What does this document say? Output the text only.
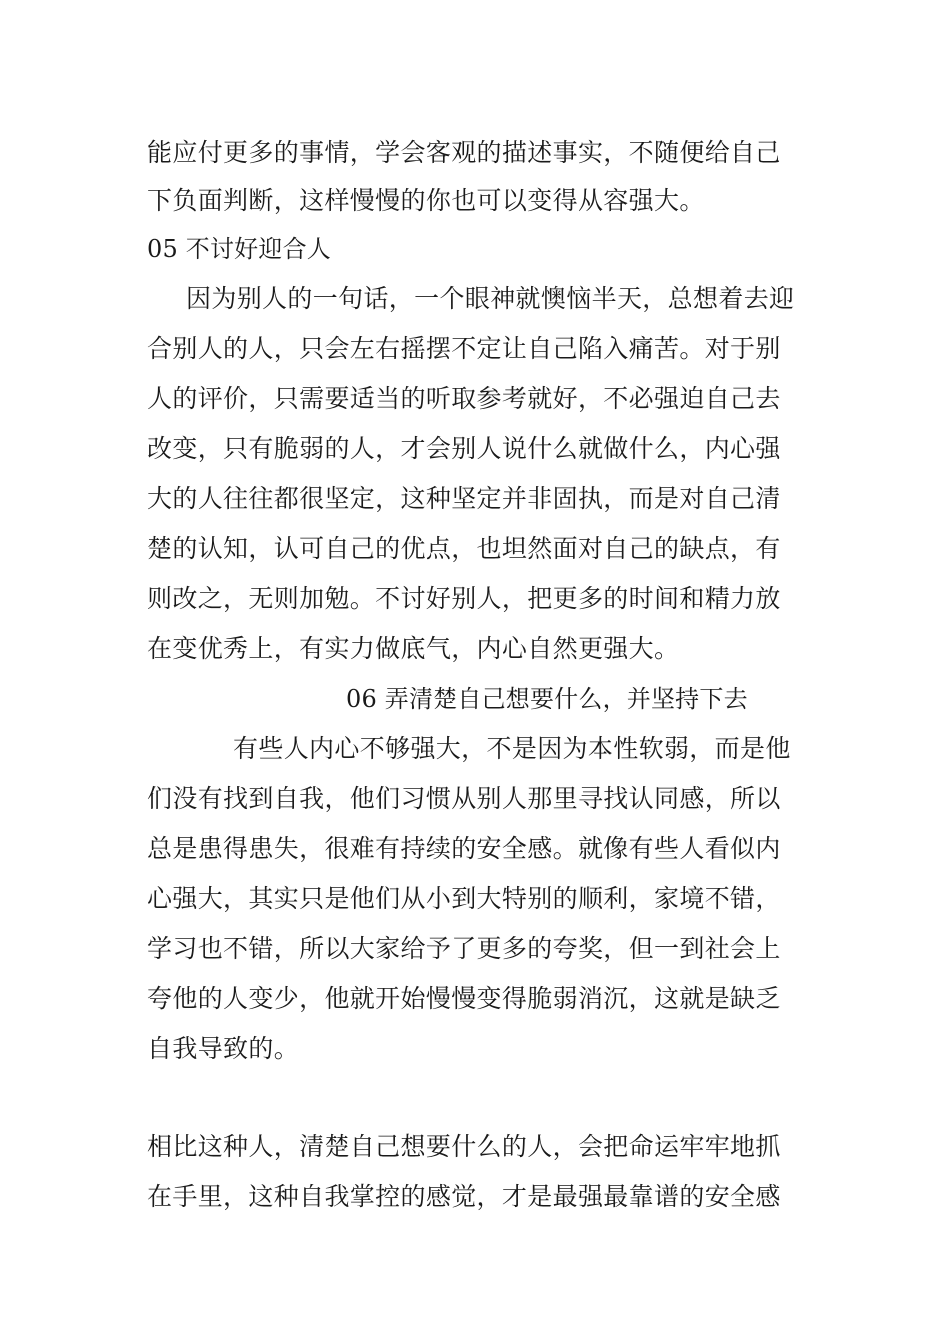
能应付更多的事情，学会客观的描述事实，不随便给自己
下负面判断，这样慢慢的你也可以变得从容强大。
05 不讨好迎合人
因为别人的一句话，一个眼神就懊恼半天，总想着去迎
合别人的人，只会左右摇摆不定让自己陷入痛苦。对于别
人的评价，只需要适当的听取参考就好，不必强迫自己去
改变，只有脆弱的人，才会别人说什么就做什么，内心强
大的人往往都很坚定，这种坚定并非固执，而是对自己清
楚的认知，认可自己的优点，也坦然面对自己的缺点，有
则改之，无则加勉。不讨好别人，把更多的时间和精力放
在变优秀上，有实力做底气，内心自然更强大。
06 弄清楚自己想要什么，并坚持下去
有些人内心不够强大，不是因为本性软弱，而是他
们没有找到自我，他们习惯从别人那里寻找认同感，所以
总是患得患失，很难有持续的安全感。就像有些人看似内
心强大，其实只是他们从小到大特别的顺利，家境不错，
学习也不错，所以大家给予了更多的夸奖，但一到社会上
夸他的人变少，他就开始慢慢变得脆弱消沉，这就是缺乏
自我导致的。
相比这种人，清楚自己想要什么的人，会把命运牢牢地抓
在手里，这种自我掌控的感觉，才是最强最靠谱的安全感
